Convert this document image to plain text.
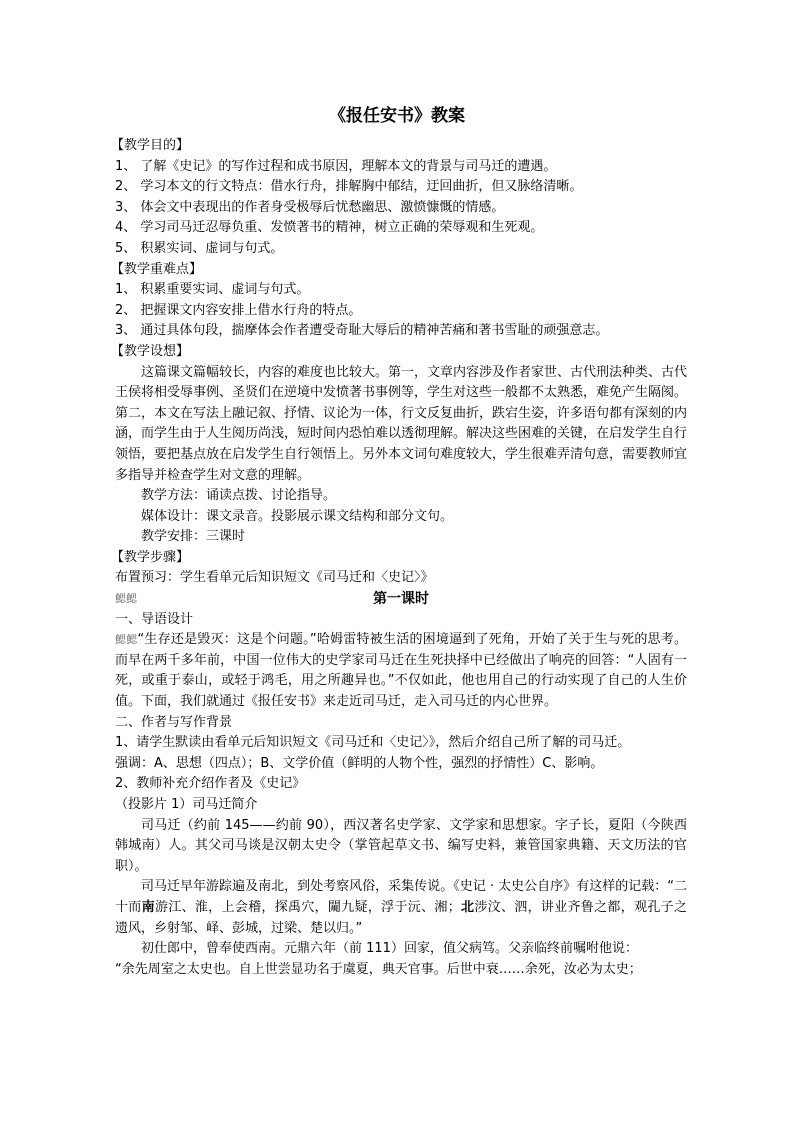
《报任安书》教案
【教学目的】
1、 了解《史记》的写作过程和成书原因，理解本文的背景与司马迁的遭遇。
2、 学习本文的行文特点：借水行舟，排解胸中郁结，迂回曲折，但又脉络清晰。
3、 体会文中表现出的作者身受极辱后忧愁幽思、激愤慷慨的情感。
4、 学习司马迁忍辱负重、发愤著书的精神，树立正确的荣辱观和生死观。
5、 积累实词、虚词与句式。
【教学重难点】
1、 积累重要实词、虚词与句式。
2、 把握课文内容安排上借水行舟的特点。
3、 通过具体句段，揣摩体会作者遭受奇耻大辱后的精神苦痛和著书雪耻的顽强意志。
【教学设想】
这篇课文篇幅较长，内容的难度也比较大。第一，文章内容涉及作者家世、古代刑法种类、古代王侯将相受辱事例、圣贤们在逆境中发愤著书事例等，学生对这些一般都不太熟悉，难免产生隔阂。第二，本文在写法上融记叙、抒情、议论为一体，行文反复曲折，跌宕生姿，许多语句都有深刻的内涵，而学生由于人生阅历尚浅，短时间内恐怕难以透彻理解。解决这些困难的关键，在启发学生自行领悟，要把基点放在启发学生自行领悟上。另外本文词句难度较大，学生很难弄清句意，需要教师宜多指导并检查学生对文意的理解。
教学方法：诵读点拨、讨论指导。
媒体设计：课文录音。投影展示课文结构和部分文句。
教学安排：三课时
【教学步骤】
布置预习：学生看单元后知识短文《司马迁和〈史记〉》
鰓鰓	第一课时
一、导语设计
鰓鰓“生存还是毁灭：这是个问题。”哈姆雷特被生活的困境逼到了死角，开始了关于生与死的思考。而早在两千多年前，中国一位伟大的史学家司马迁在生死抉择中已经做出了响亮的回答：“人固有一死，或重于泰山，或轻于鸿毛，用之所趣异也。”不仅如此，他也用自己的行动实现了自己的人生价值。下面，我们就通过《报任安书》来走近司马迁，走入司马迁的内心世界。
二、作者与写作背景
1、请学生默读由看单元后知识短文《司马迁和〈史记〉》，然后介绍自己所了解的司马迁。
强调：A、思想（四点）；B、文学价值（鲜明的人物个性，强烈的抒情性）C、影响。
2、教师补充介绍作者及《史记》
（投影片 1）司马迁简介
司马迁（约前 145——约前 90），西汉著名史学家、文学家和思想家。字子长，夏阳（今陕西韩城南）人。其父司马谈是汉朝太史令（掌管起草文书、编写史料，兼管国家典籍、天文历法的官职）。
司马迁早年游踪遍及南北，到处考察风俗，采集传说。《史记 · 太史公自序》有这样的记载：“二十而南游江、淮，上会稽，探禹穴，闚九疑，浮于沅、湘；北涉汶、泗，讲业齐鲁之都，观孔子之遗风，乡射邹、峄、彭城，过梁、楚以归。”
初仕郎中，曾奉使西南。元鼎六年（前 111）回家，值父病笃。父亲临终前嘱咐他说：
“余先周室之太史也。自上世尝显功名于虞夏，典天官事。后世中衰……余死，汝必为太史；
